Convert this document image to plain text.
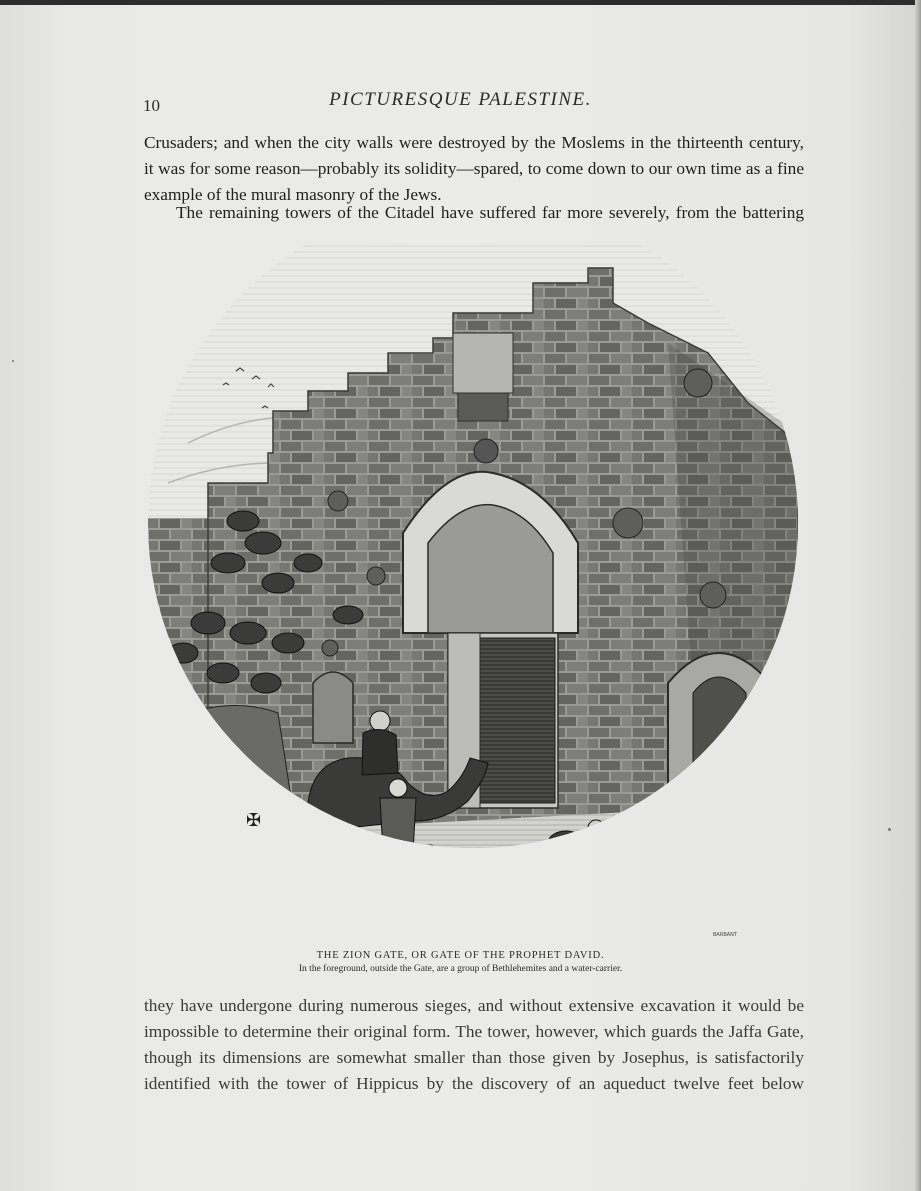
10	PICTURESQUE PALESTINE.
Crusaders; and when the city walls were destroyed by the Moslems in the thirteenth century,
it was for some reason—probably its solidity—spared, to come down to our own time as a fine
example of the mural masonry of the Jews.
The remaining towers of the Citadel have suffered far more severely, from the battering
✠
BARBANT
THE ZION GATE, OR GATE OF THE PROPHET DAVID.
In the foreground, outside the Gate, are a group of Bethlehemites and a water-carrier.
they have undergone during numerous sieges, and without extensive excavation it would be
impossible to determine their original form. The tower, however, which guards the Jaffa Gate,
though its dimensions are somewhat smaller than those given by Josephus, is satisfactorily
identified with the tower of Hippicus by the discovery of an aqueduct twelve feet below
